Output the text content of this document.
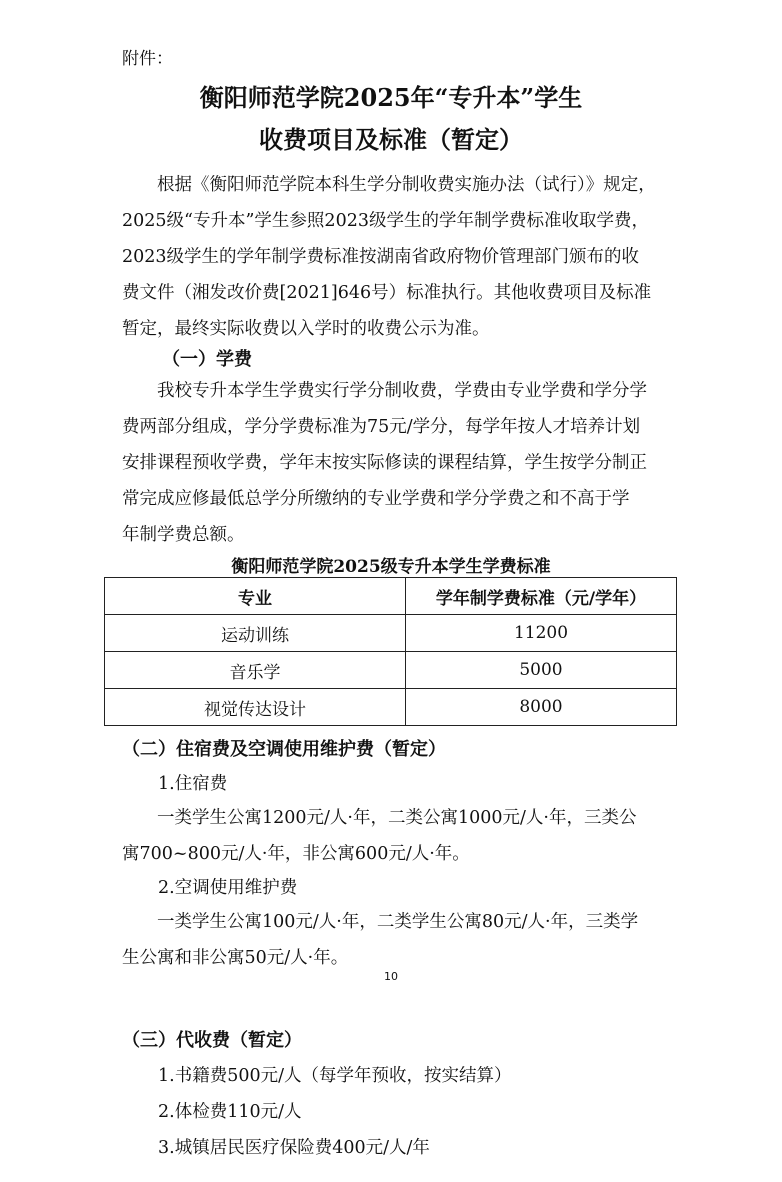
附件：
衡阳师范学院2025年“专升本”学生
收费项目及标准（暂定）
　　根据《衡阳师范学院本科生学分制收费实施办法（试行）》规定，
2025级“专升本”学生参照2023级学生的学年制学费标准收取学费，
2023级学生的学年制学费标准按湖南省政府物价管理部门颁布的收
费文件（湘发改价费[2021]646号）标准执行。其他收费项目及标准
暂定，最终实际收费以入学时的收费公示为准。
（一）学费
　　我校专升本学生学费实行学分制收费，学费由专业学费和学分学
费两部分组成，学分学费标准为75元/学分，每学年按人才培养计划
安排课程预收学费，学年末按实际修读的课程结算，学生按学分制正
常完成应修最低总学分所缴纳的专业学费和学分学费之和不高于学
年制学费总额。
衡阳师范学院2025级专升本学生学费标准
专业	学年制学费标准（元/学年）
运动训练	11200
音乐学	5000
视觉传达设计	8000
（二）住宿费及空调使用维护费（暂定）
1.住宿费
　　一类学生公寓1200元/人·年，二类公寓1000元/人·年，三类公
寓700~800元/人·年，非公寓600元/人·年。
2.空调使用维护费
　　一类学生公寓100元/人·年，二类学生公寓80元/人·年，三类学
生公寓和非公寓50元/人·年。
10
（三）代收费（暂定）
1.书籍费500元/人（每学年预收，按实结算）
2.体检费110元/人
3.城镇居民医疗保险费400元/人/年
